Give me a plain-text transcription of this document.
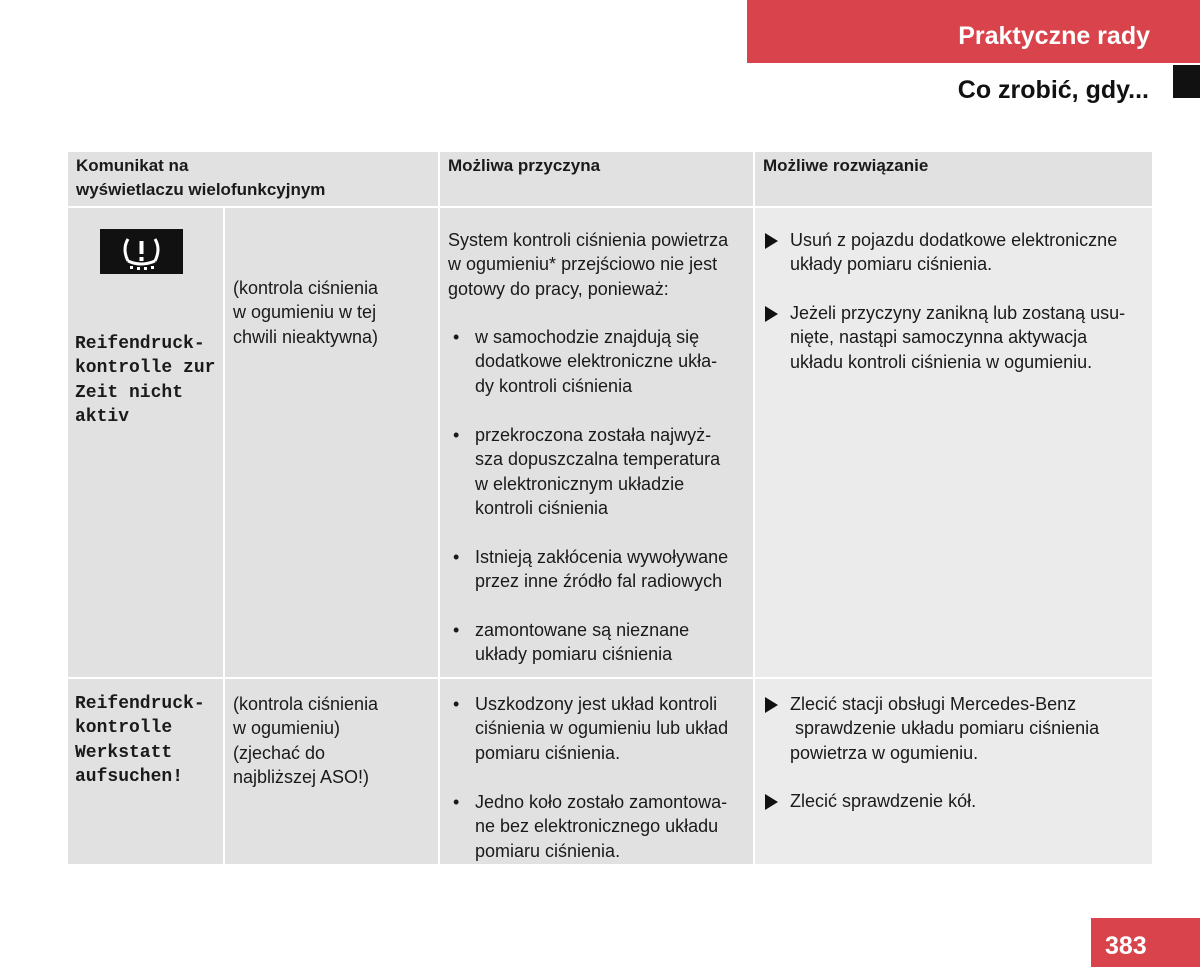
Praktyczne rady
Co zrobić, gdy...
Komunikat na
wyświetlaczu wielofunkcyjnym
Możliwa przyczyna	Możliwe rozwiązanie
Reifendruck-
kontrolle zur
Zeit nicht
aktiv
(kontrola ciśnienia
w ogumieniu w tej
chwili nieaktywna)
System kontroli ciśnienia powietrza
w ogumieniu* przejściowo nie jest
gotowy do pracy, ponieważ:
• w samochodzie znajdują się
dodatkowe elektroniczne ukła-
dy kontroli ciśnienia
• przekroczona została najwyż-
sza dopuszczalna temperatura
w elektronicznym układzie
kontroli ciśnienia
• Istnieją zakłócenia wywoływane
przez inne źródło fal radiowych
• zamontowane są nieznane
układy pomiaru ciśnienia
Usuń z pojazdu dodatkowe elektroniczne
układy pomiaru ciśnienia.
Jeżeli przyczyny zanikną lub zostaną usu-
nięte, nastąpi samoczynna aktywacja
układu kontroli ciśnienia w ogumieniu.
Reifendruck-
kontrolle
Werkstatt
aufsuchen!
(kontrola ciśnienia
w ogumieniu)
(zjechać do
najbliższej ASO!)
• Uszkodzony jest układ kontroli
ciśnienia w ogumieniu lub układ
pomiaru ciśnienia.
• Jedno koło zostało zamontowa-
ne bez elektronicznego układu
pomiaru ciśnienia.
Zlecić stacji obsługi Mercedes-Benz
sprawdzenie układu pomiaru ciśnienia
powietrza w ogumieniu.
Zlecić sprawdzenie kół.
383
